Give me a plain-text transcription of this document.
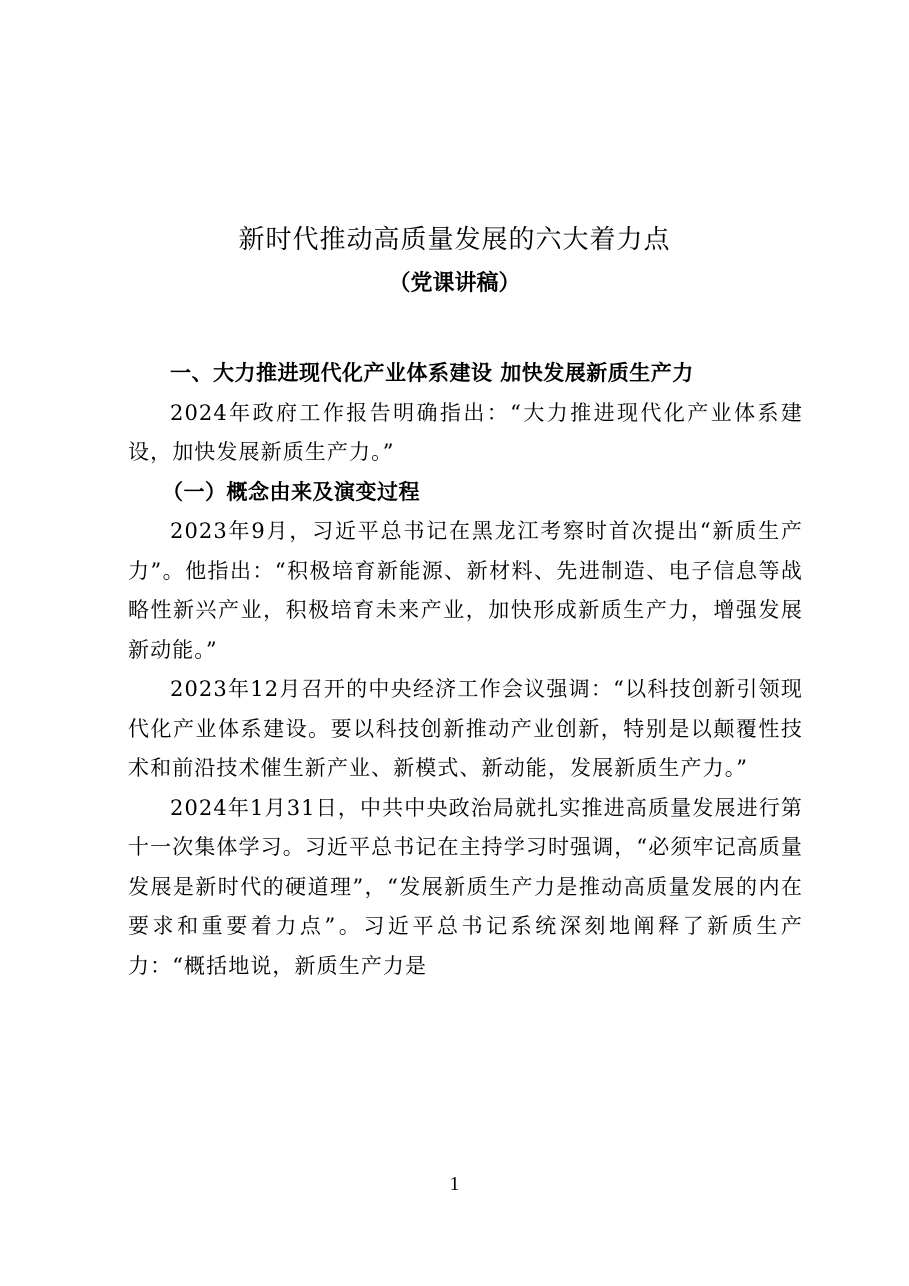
新时代推动高质量发展的六大着力点
（党课讲稿）

一、大力推进现代化产业体系建设 加快发展新质生产力

2024年政府工作报告明确指出：“大力推进现代化产业体系建设，加快发展新质生产力。”

（一）概念由来及演变过程

2023年9月，习近平总书记在黑龙江考察时首次提出“新质生产力”。他指出：“积极培育新能源、新材料、先进制造、电子信息等战略性新兴产业，积极培育未来产业，加快形成新质生产力，增强发展新动能。”

2023年12月召开的中央经济工作会议强调：“以科技创新引领现代化产业体系建设。要以科技创新推动产业创新，特别是以颠覆性技术和前沿技术催生新产业、新模式、新动能，发展新质生产力。”

2024年1月31日，中共中央政治局就扎实推进高质量发展进行第十一次集体学习。习近平总书记在主持学习时强调，“必须牢记高质量发展是新时代的硬道理”，“发展新质生产力是推动高质量发展的内在要求和重要着力点”。习近平总书记系统深刻地阐释了新质生产力：“概括地说，新质生产力是

1
